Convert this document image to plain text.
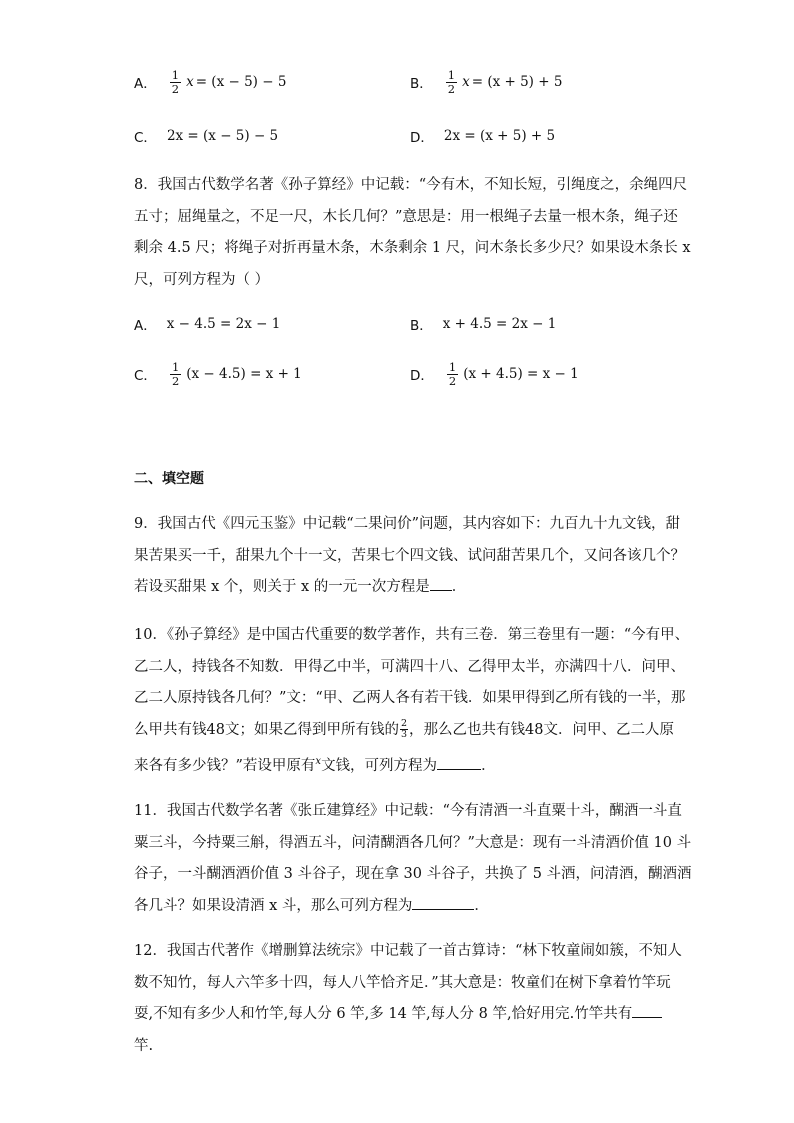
A． $\frac{1}{2}$ x = (x − 5) − 5	B． $\frac{1}{2}$ x = (x + 5) + 5
C． 2x = (x − 5) − 5	D． 2x = (x + 5) + 5

8．我国古代数学名著《孙子算经》中记载：“今有木，不知长短，引绳度之，余绳四尺

五寸；屈绳量之，不足一尺，木长几何？”意思是：用一根绳子去量一根木条，绳子还

剩余 4.5 尺；将绳子对折再量木条，木条剩余 1 尺，问木条长多少尺？如果设木条长 x

尺，可列方程为（ ）

A． x − 4.5 = 2x − 1	B． x + 4.5 = 2x − 1
C． $\frac{1}{2} (x - 4.5) = x + 1$	D． $\frac{1}{2} (x + 4.5) = x - 1$
二、填空题

9．我国古代《四元玉鉴》中记载“二果问价”问题，其内容如下：九百九十九文钱，甜

果苦果买一千，甜果九个十一文，苦果七个四文钱、试问甜苦果几个，又问各该几个？

若设买甜果 x 个，则关于 x 的一元一次方程是 ．

10．《孙子算经》是中国古代重要的数学著作，共有三卷．第三卷里有一题：“今有甲、

乙二人，持钱各不知数．甲得乙中半，可满四十八、乙得甲太半，亦满四十八．问甲、

乙二人原持钱各几何？”文：“甲、乙两人各有若干钱．如果甲得到乙所有钱的一半，那

么甲共有钱48文；如果乙得到甲所有钱的 $\frac{2}{3}$ ，那么乙也共有钱48文．问甲、乙二人原

来各有多少钱？”若设甲原有$^x$文钱，可列方程为	．

11．我国古代数学名著《张丘建算经》中记载：“今有清酒一斗直粟十斗，醐酒一斗直

粟三斗，今持粟三斛，得酒五斗，问清醐酒各几何？”大意是：现有一斗清酒价值 10 斗

谷子，一斗醐酒酒价值 3 斗谷子，现在拿 30 斗谷子，共换了 5 斗酒，问清酒，醐酒酒

各几斗？如果设清酒 x 斗，那么可列方程为	．

12．我国古代著作《增删算法统宗》中记载了一首古算诗：“林下牧童闹如簇，不知人

数不知竹，每人六竿多十四，每人八竿恰齐足．”其大意是：牧童们在树下拿着竹竿玩

耍,不知有多少人和竹竿,每人分 6 竿,多 14 竿,每人分 8 竿,恰好用完.竹竿共有

竿.
